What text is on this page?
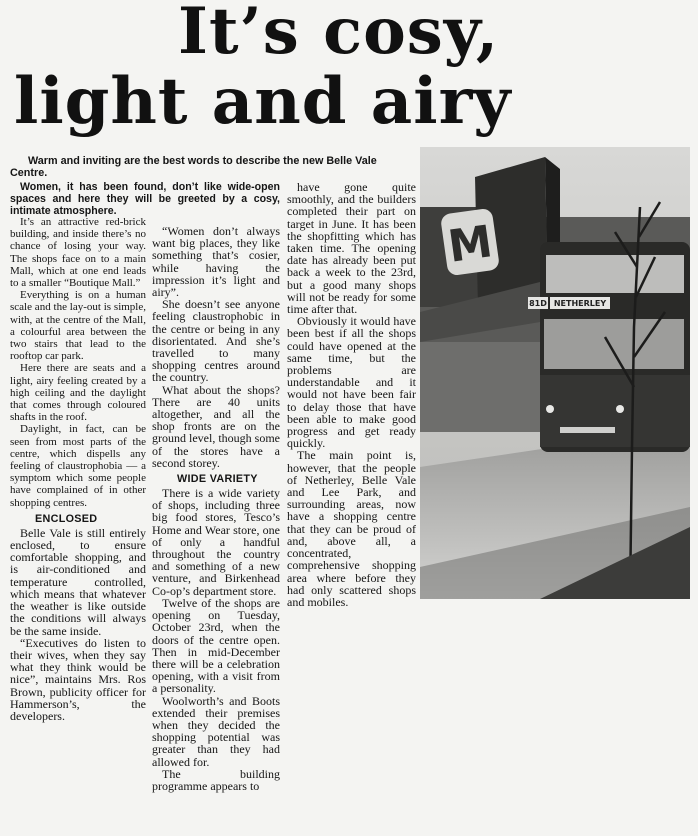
It’s cosy,
light and airy
Warm and inviting are the best words to describe the new Belle Vale Centre.

It’s an attractive red-brick building, and inside there’s no chance of losing your way. The shops face on to a main Mall, which at one end leads to a smaller “Boutique Mall.”

Everything is on a human scale and the lay-out is simple, with, at the centre of the Mall, a colourful area between the two stairs that lead to the rooftop car park.

Here there are seats and a light, airy feeling created by a high ceiling and the daylight that comes through coloured shafts in the roof.

Daylight, in fact, can be seen from most parts of the centre, which dispells any feeling of claustrophobia — a symptom which some people have complained of in other shopping centres.

ENCLOSED

Belle Vale is still entirely enclosed, to ensure comfortable shopping, and is air-conditioned and temperature controlled, which means that whatever the weather is like outside the conditions will always be the same inside.

“Executives do listen to their wives, when they say what they think would be nice”, maintains Mrs. Ros Brown, publicity officer for Hammerson’s, the developers.

Women, it has been found, don’t like wide-open spaces and here they will be greeted by a cosy, intimate atmosphere.

“Women don’t always want big places, they like something that’s cosier, while having the impression it’s light and airy”.

She doesn’t see anyone feeling claustrophobic in the centre or being in any disorientated. And she’s travelled to many shopping centres around the country.

What about the shops? There are 40 units altogether, and all the shop fronts are on the ground level, though some of the stores have a second storey.

WIDE VARIETY

There is a wide variety of shops, including three big food stores, Tesco’s Home and Wear store, one of only a handful throughout the country and something of a new venture, and Birkenhead Co-op’s department store.

Twelve of the shops are opening on Tuesday, October 23rd, when the doors of the centre open. Then in mid-December there will be a celebration opening, with a visit from a personality.

Woolworth’s and Boots extended their premises when they decided the shopping potential was greater than they had allowed for.

The building programme appears to

have gone quite smoothly, and the builders completed their part on target in June. It has been the shopfitting which has taken time. The opening date has already been put back a week to the 23rd, but a good many shops will not be ready for some time after that.

Obviously it would have been best if all the shops could have opened at the same time, but the problems are understandable and it would not have been fair to delay those that have been able to make good progress and get ready quickly.

The main point is, however, that the people of Netherley, Belle Vale and Lee Park, and surrounding areas, now have a shopping centre that they can be proud of and, above all, a concentrated, comprehensive shopping area where before they had only scattered shops and mobiles.

M
NETHERLEY
81D
